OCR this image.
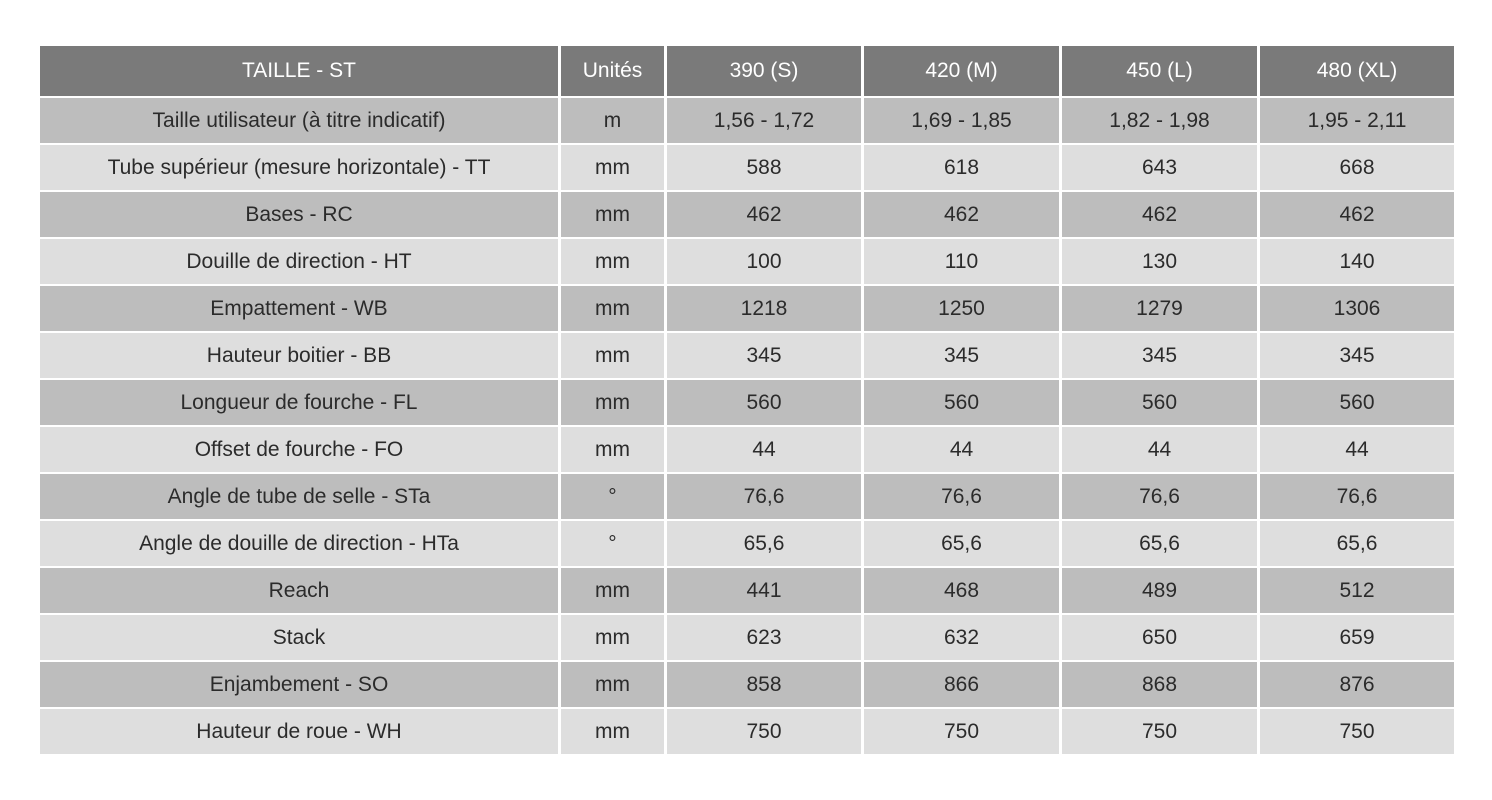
TAILLE - ST	Unités	390 (S)	420 (M)	450 (L)	480 (XL)
Taille utilisateur (à titre indicatif)	m	1,56 - 1,72	1,69 - 1,85	1,82 - 1,98	1,95 - 2,11
Tube supérieur (mesure horizontale) - TT	mm	588	618	643	668
Bases - RC	mm	462	462	462	462
Douille de direction - HT	mm	100	110	130	140
Empattement - WB	mm	1218	1250	1279	1306
Hauteur boitier - BB	mm	345	345	345	345
Longueur de fourche - FL	mm	560	560	560	560
Offset de fourche - FO	mm	44	44	44	44
Angle de tube de selle - STa	°	76,6	76,6	76,6	76,6
Angle de douille de direction - HTa	°	65,6	65,6	65,6	65,6
Reach	mm	441	468	489	512
Stack	mm	623	632	650	659
Enjambement - SO	mm	858	866	868	876
Hauteur de roue - WH	mm	750	750	750	750
